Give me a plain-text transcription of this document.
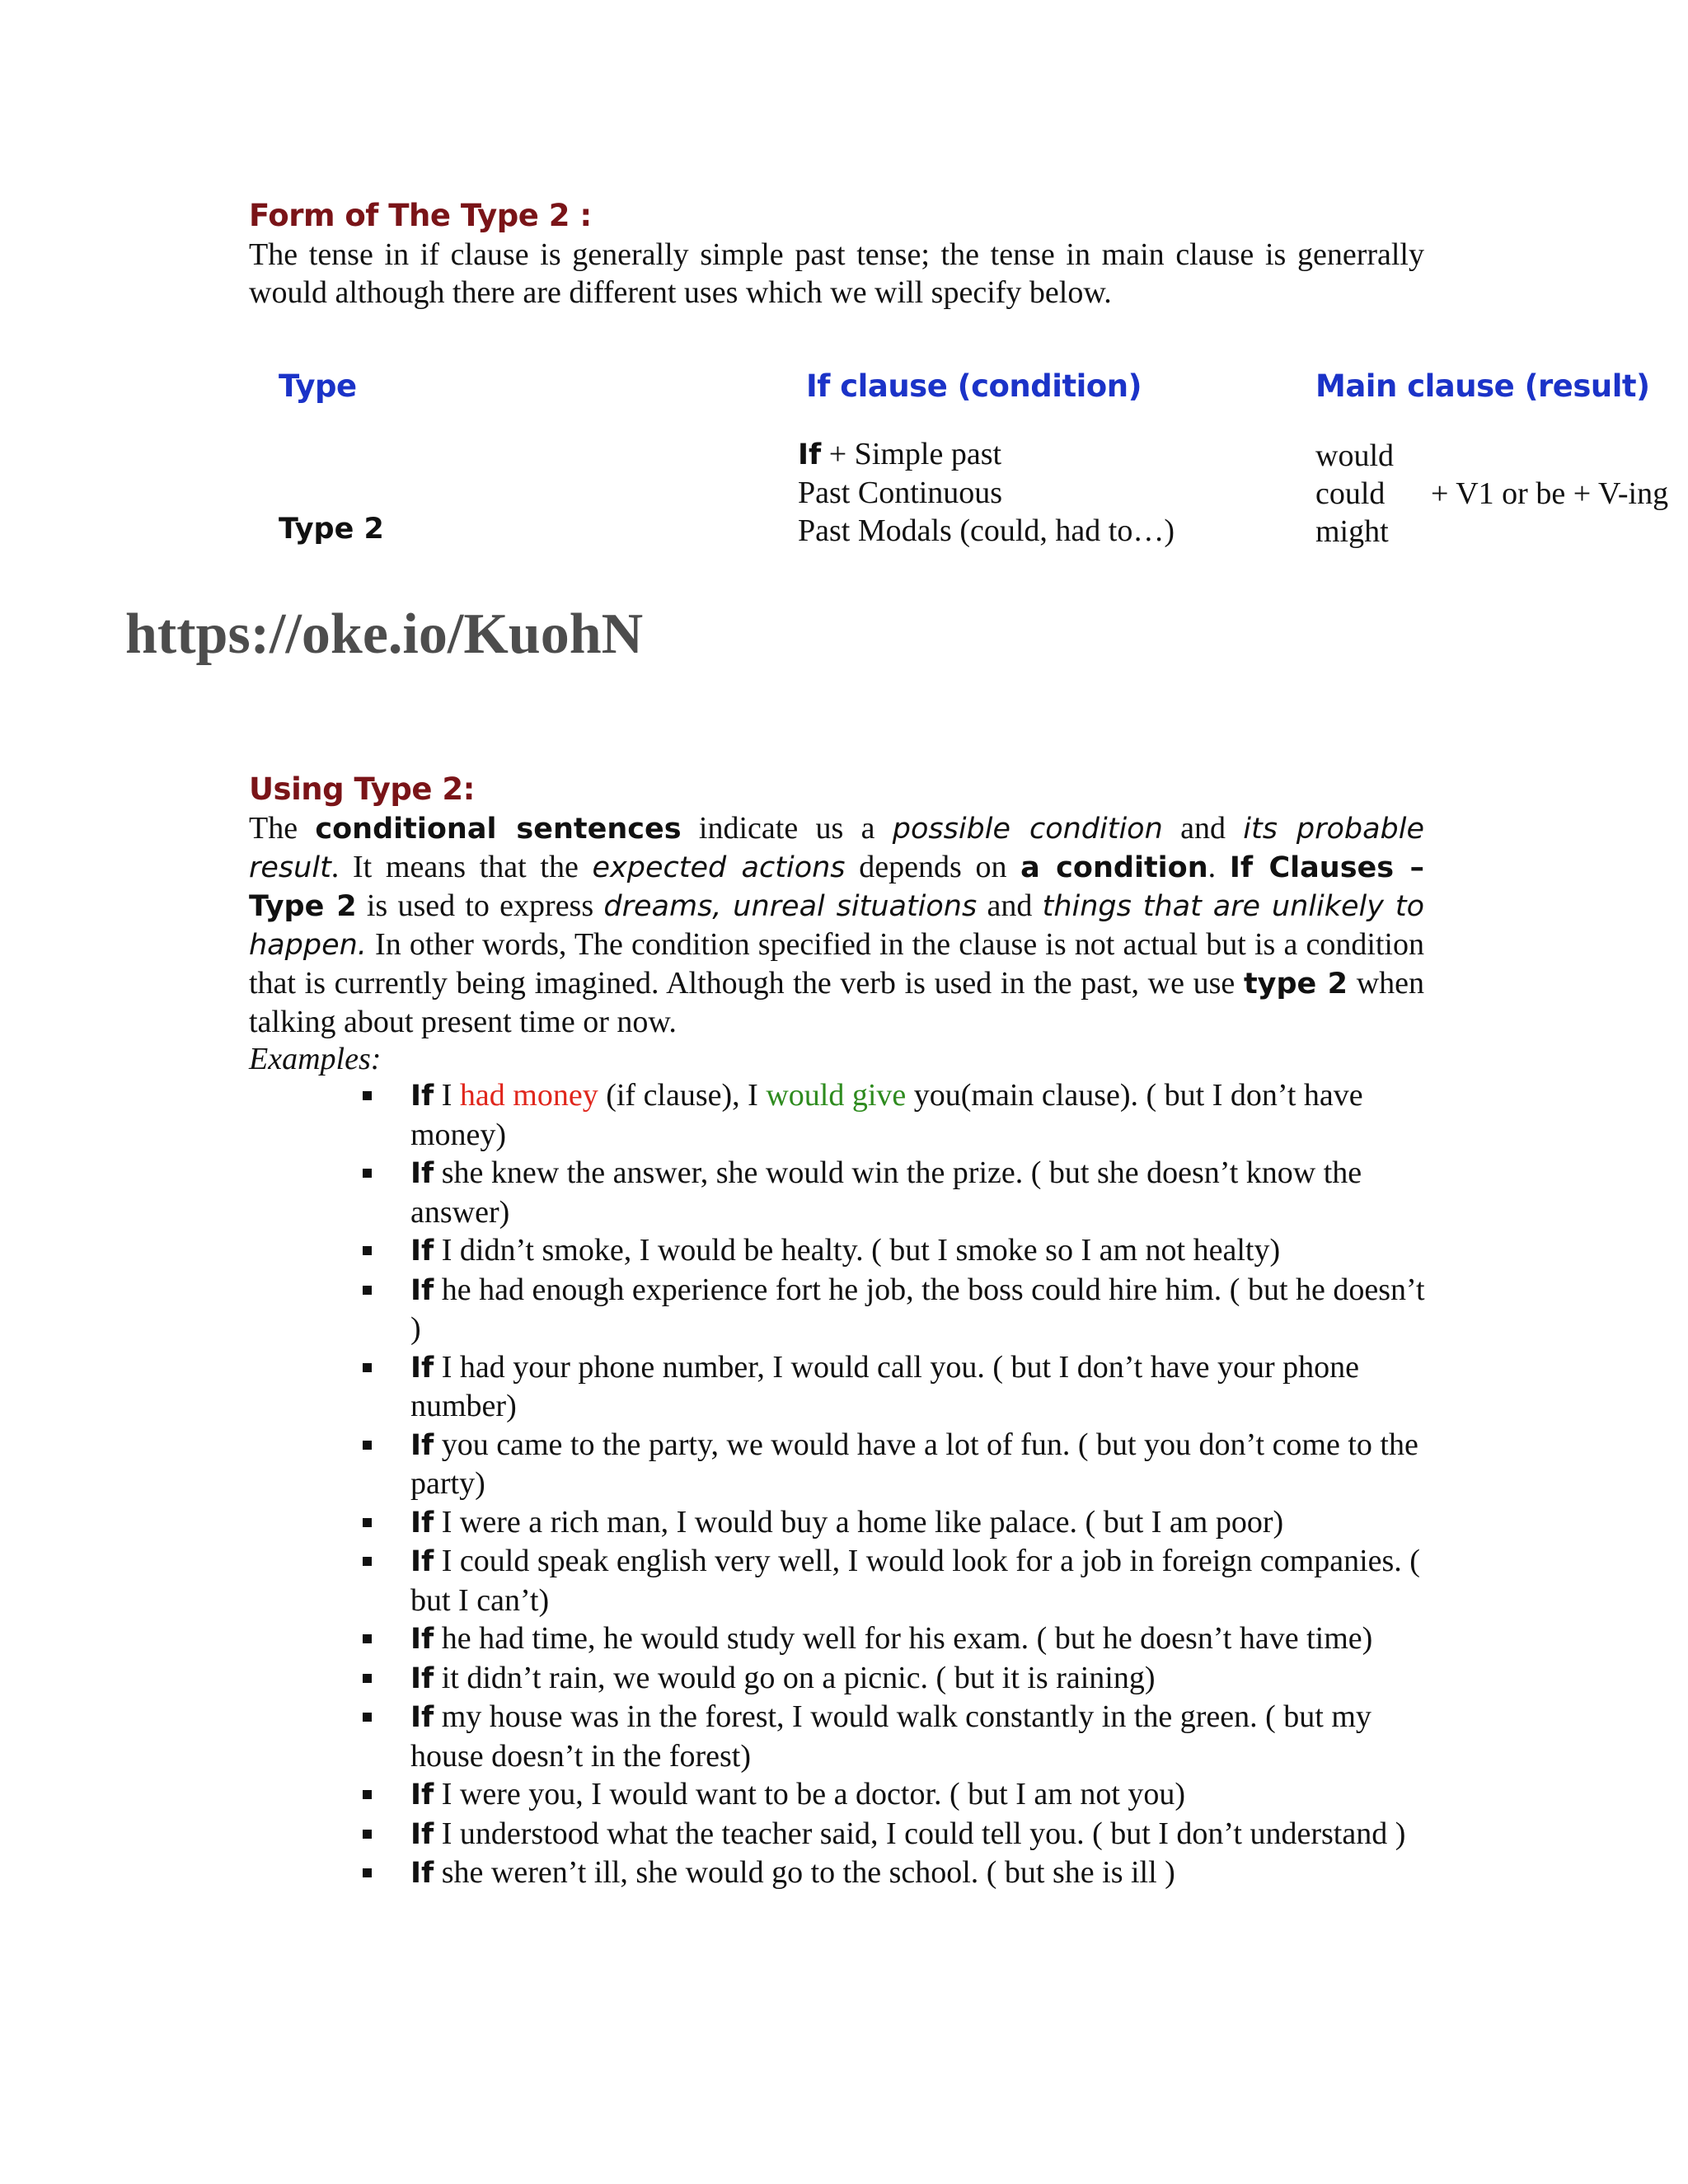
Form of The Type 2 :
The tense in if clause is generally simple past tense; the tense in main clause is generrally would although there are different uses which we will specify below.
Type	If clause (condition)	Main clause (result)
Type 2
If + Simple past
Past Continuous
Past Modals (could, had to…)
would
could
might
+ V1 or be + V-ing
https://oke.io/KuohN
Using Type 2:
The conditional sentences indicate us a possible condition and its probable result. It means that the expected actions depends on a condition. If Clauses – Type 2 is used to express dreams, unreal situations and things that are unlikely to happen. In other words, The condition specified in the clause is not actual but is a condition that is currently being imagined. Although the verb is used in the past, we use type 2 when talking about present time or now.
Examples:
If I had money (if clause), I would give you(main clause). ( but I don’t have money)
If she knew the answer, she would win the prize. ( but she doesn’t know the answer)
If I didn’t smoke, I would be healty. ( but I smoke so I am not healty)
If he had enough experience fort he job, the boss could hire him. ( but he doesn’t )
If I had your phone number, I would call you. ( but I don’t have your phone number)
If you came to the party, we would have a lot of fun. ( but you don’t come to the party)
If I were a rich man, I would buy a home like palace. ( but I am poor)
If I could speak english very well, I would look for a job in foreign companies. ( but I can’t)
If he had time, he would study well for his exam. ( but he doesn’t have time)
If it didn’t rain, we would go on a picnic. ( but it is raining)
If my house was in the forest, I would walk constantly in the green. ( but my house doesn’t in the forest)
If I were you, I would want to be a doctor. ( but I am not you)
If I understood what the teacher said, I could tell you. ( but I don’t understand )
If she weren’t ill, she would go to the school. ( but she is ill )
